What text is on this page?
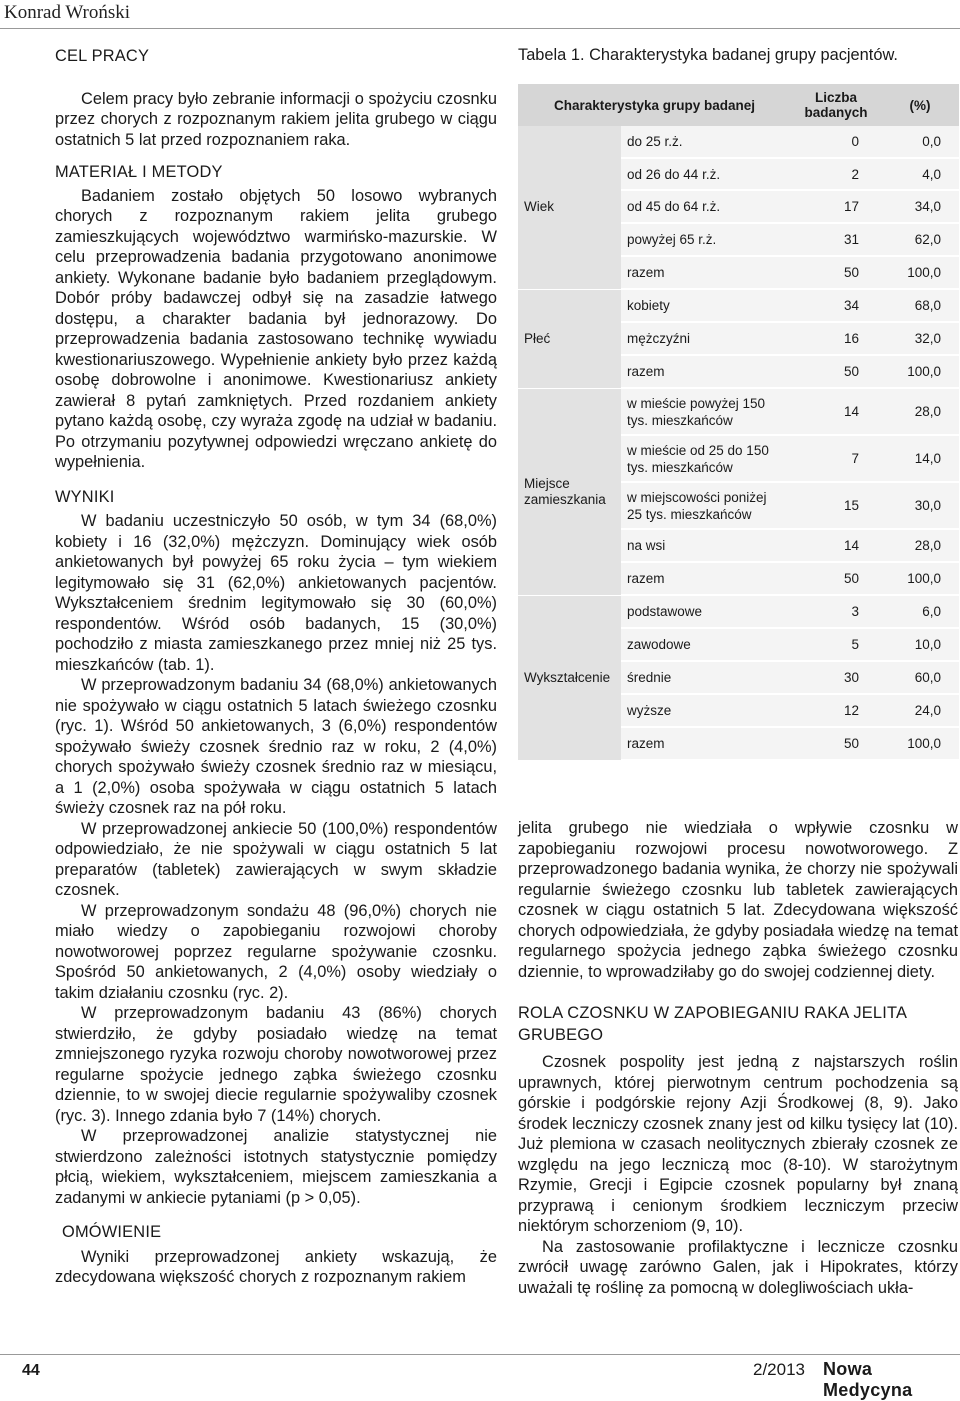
Konrad Wroński

CEL PRACY

Celem pracy było zebranie informacji o spożyciu czosnku przez chorych z rozpoznanym rakiem jelita grubego w ciągu ostatnich 5 lat przed rozpoznaniem raka.

MATERIAŁ I METODY

Badaniem zostało objętych 50 losowo wybranych chorych z rozpoznanym rakiem jelita grubego zamieszkujących województwo warmińsko-mazurskie. W celu przeprowadzenia badania przygotowano anonimowe ankiety. Wykonane badanie było badaniem przeglądowym. Dobór próby badawczej odbył się na zasadzie łatwego dostępu, a charakter badania był jednorazowy. Do przeprowadzenia badania zastosowano technikę wywiadu kwestionariuszowego. Wypełnienie ankiety było przez każdą osobę dobrowolne i anonimowe. Kwestionariusz ankiety zawierał 8 pytań zamkniętych. Przed rozdaniem ankiety pytano każdą osobę, czy wyraża zgodę na udział w badaniu. Po otrzymaniu pozytywnej odpowiedzi wręczano ankietę do wypełnienia.

WYNIKI

W badaniu uczestniczyło 50 osób, w tym 34 (68,0%) kobiety i 16 (32,0%) mężczyzn. Dominujący wiek osób ankietowanych był powyżej 65 roku życia – tym wiekiem legitymowało się 31 (62,0%) ankietowanych pacjentów. Wykształceniem średnim legitymowało się 30 (60,0%) respondentów. Wśród osób badanych, 15 (30,0%) pochodziło z miasta zamieszkanego przez mniej niż 25 tys. mieszkańców (tab. 1).

W przeprowadzonym badaniu 34 (68,0%) ankietowanych nie spożywało w ciągu ostatnich 5 latach świeżego czosnku (ryc. 1). Wśród 50 ankietowanych, 3 (6,0%) respondentów spożywało świeży czosnek średnio raz w roku, 2 (4,0%) chorych spożywało świeży czosnek średnio raz w miesiącu, a 1 (2,0%) osoba spożywała w ciągu ostatnich 5 latach świeży czosnek raz na pół roku.

W przeprowadzonej ankiecie 50 (100,0%) respondentów odpowiedziało, że nie spożywali w ciągu ostatnich 5 lat preparatów (tabletek) zawierających w swym składzie czosnek.

W przeprowadzonym sondażu 48 (96,0%) chorych nie miało wiedzy o zapobieganiu rozwojowi choroby nowotworowej poprzez regularne spożywanie czosnku. Spośród 50 ankietowanych, 2 (4,0%) osoby wiedziały o takim działaniu czosnku (ryc. 2).

W przeprowadzonym badaniu 43 (86%) chorych stwierdziło, że gdyby posiadało wiedzę na temat zmniejszonego ryzyka rozwoju choroby nowotworowej przez regularne spożycie jednego ząbka świeżego czosnku dziennie, to w swojej diecie regularnie spożywaliby czosnek (ryc. 3). Innego zdania było 7 (14%) chorych.

W przeprowadzonej analizie statystycznej nie stwierdzono zależności istotnych statystycznie pomiędzy płcią, wiekiem, wykształceniem, miejscem zamieszkania a zadanymi w ankiecie pytaniami (p > 0,05).

OMÓWIENIE

Wyniki przeprowadzonej ankiety wskazują, że zdecydowana większość chorych z rozpoznanym rakiem

Tabela 1. Charakterystyka badanej grupy pacjentów.
Charakterystyka grupy badanej		Liczba badanych	(%)
Wiek	do 25 r.ż.	0	0,0
	od 26 do 44 r.ż.	2	4,0
	od 45 do 64 r.ż.	17	34,0
	powyżej 65 r.ż.	31	62,0
	razem	50	100,0
Płeć	kobiety	34	68,0
	mężczyźni	16	32,0
	razem	50	100,0
Miejsce zamieszkania	w mieście powyżej 150 tys. mieszkańców	14	28,0
	w mieście od 25 do 150 tys. mieszkańców	7	14,0
	w miejscowości poniżej 25 tys. mieszkańców	15	30,0
	na wsi	14	28,0
	razem	50	100,0
Wykształcenie	podstawowe	3	6,0
	zawodowe	5	10,0
	średnie	30	60,0
	wyższe	12	24,0
	razem	50	100,0

jelita grubego nie wiedziała o wpływie czosnku w zapobieganiu rozwojowi procesu nowotworowego. Z przeprowadzonego badania wynika, że chorzy nie spożywali regularnie świeżego czosnku lub tabletek zawierających czosnek w ciągu ostatnich 5 lat. Zdecydowana większość chorych odpowiedziała, że gdyby posiadała wiedzę na temat regularnego spożycia jednego ząbka świeżego czosnku dziennie, to wprowadziłaby go do swojej codziennej diety.

ROLA CZOSNKU W ZAPOBIEGANIU RAKA JELITA GRUBEGO

Czosnek pospolity jest jedną z najstarszych roślin uprawnych, której pierwotnym centrum pochodzenia są górskie i podgórskie rejony Azji Środkowej (8, 9). Jako środek leczniczy czosnek znany jest od kilku tysięcy lat (10). Już plemiona w czasach neolitycznych zbierały czosnek ze względu na jego leczniczą moc (8-10). W starożytnym Rzymie, Grecji i Egipcie czosnek popularny był znaną przyprawą i cenionym środkiem leczniczym przeciw niektórym schorzeniom (9, 10).

Na zastosowanie profilaktyczne i lecznicze czosnku zwrócił uwagę zarówno Galen, jak i Hipokrates, którzy uważali tę roślinę za pomocną w dolegliwościach ukła-

44	2/2013 Nowa Medycyna
